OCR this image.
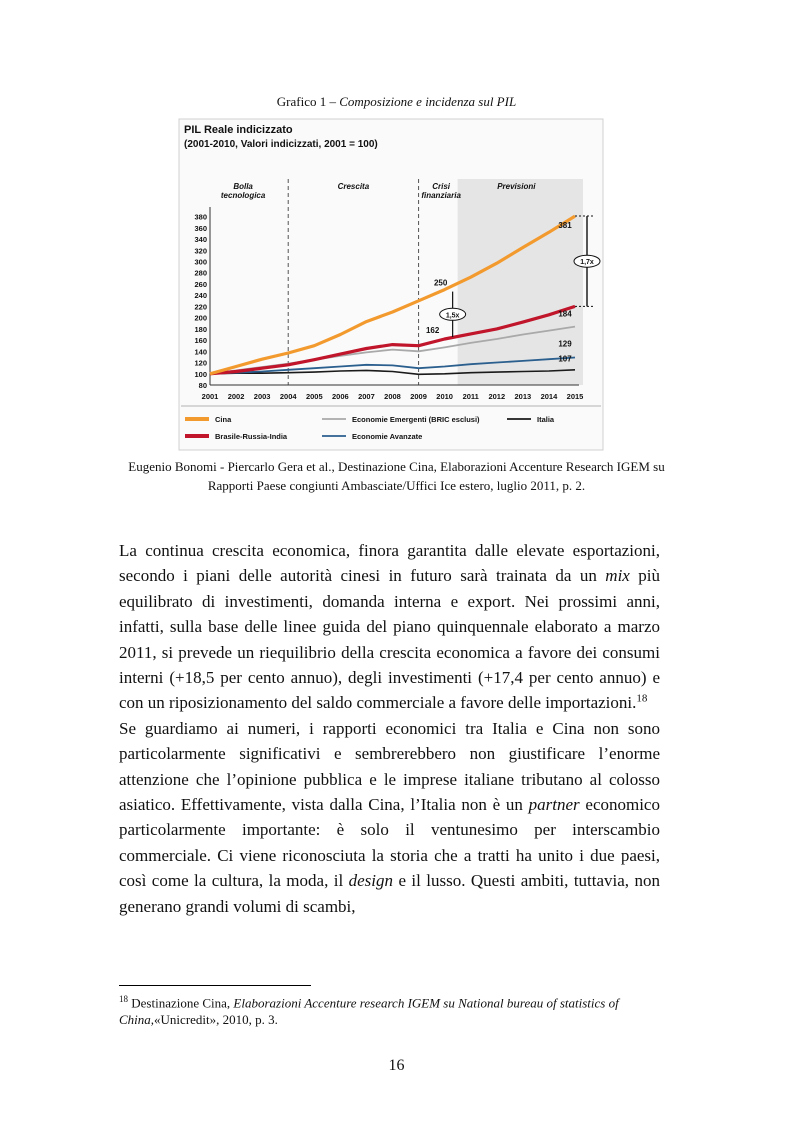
Grafico 1 – Composizione e incidenza sul PIL
PIL Reale indicizzato
(2001-2010, Valori indicizzati, 2001 = 100)
Bolla tecnologica
Crescita	Crisi finanziaria
Previsioni
80
100
120
140
160
180
200
220
240
260
280
300
320
340
360
380
2001 2002 2003 2004 2005 2006 2007 2008 2009 2010 2011 2012 2013 2014 2015
250
162
1,5x
381
184
129
107
1,7x
Cina	Economie Emergenti (BRIC esclusi)	Italia
Brasile-Russia-India	Economie Avanzate
Eugenio Bonomi - Piercarlo Gera et al., Destinazione Cina, Elaborazioni Accenture Research IGEM su Rapporti Paese congiunti Ambasciate/Uffici Ice estero, luglio 2011, p. 2.

La continua crescita economica, finora garantita dalle elevate esportazioni, secondo i piani delle autorità cinesi in futuro sarà trainata da un mix più equilibrato di investimenti, domanda interna e export. Nei prossimi anni, infatti, sulla base delle linee guida del piano quinquennale elaborato a marzo 2011, si prevede un riequilibrio della crescita economica a favore dei consumi interni (+18,5 per cento annuo), degli investimenti (+17,4 per cento annuo) e con un riposizionamento del saldo commerciale a favore delle importazioni.$^{18}$

Se guardiamo ai numeri, i rapporti economici tra Italia e Cina non sono particolarmente significativi e sembrerebbero non giustificare l’enorme attenzione che l’opinione pubblica e le imprese italiane tributano al colosso asiatico. Effettivamente, vista dalla Cina, l’Italia non è un partner economico particolarmente importante: è solo il ventunesimo per interscambio commerciale. Ci viene riconosciuta la storia che a tratti ha unito i due paesi, così come la cultura, la moda, il design e il lusso. Questi ambiti, tuttavia, non generano grandi volumi di scambi,

$^{18}$ Destinazione Cina, Elaborazioni Accenture research IGEM su National bureau of statistics of China,«Unicredit», 2010, p. 3.
16
